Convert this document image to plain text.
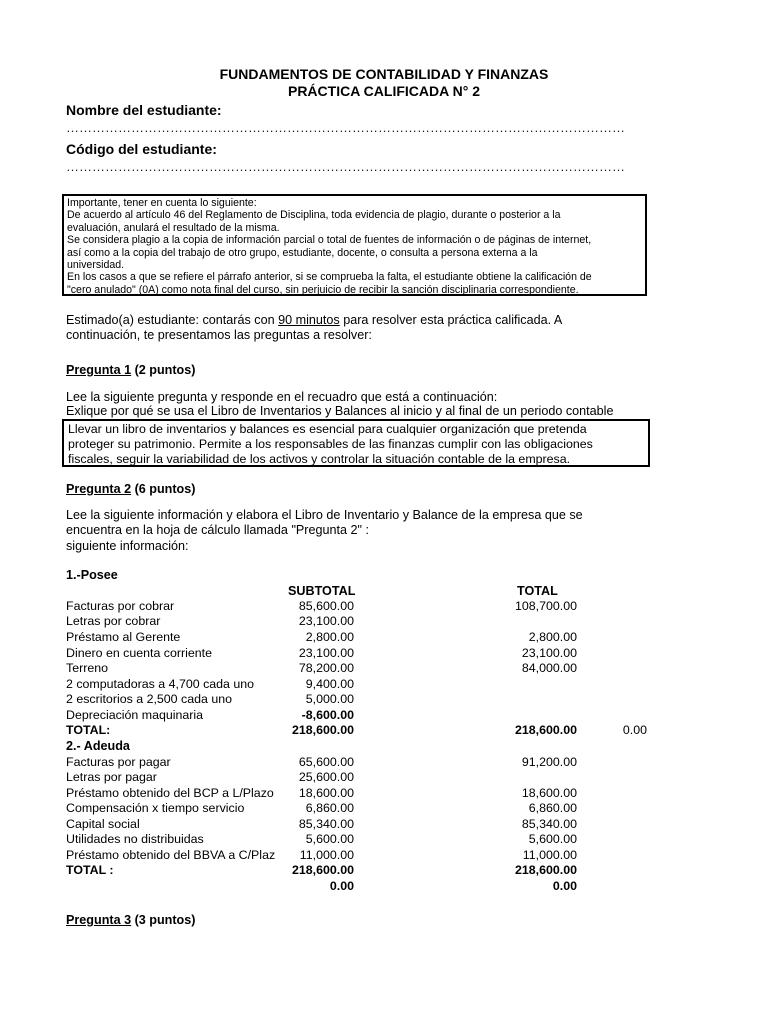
FUNDAMENTOS DE CONTABILIDAD Y FINANZAS
PRÁCTICA CALIFICADA N° 2
Nombre del estudiante:
…………………………………………………………………………………………………………………
Código del estudiante:
…………………………………………………………………………………………………………………
Importante, tener en cuenta lo siguiente:
De acuerdo al artículo 46 del Reglamento de Disciplina, toda evidencia de plagio, durante o posterior a la
evaluación, anulará el resultado de la misma.
Se considera plagio a la copia de información parcial o total de fuentes de información o de páginas de internet,
así como a la copia del trabajo de otro grupo, estudiante, docente, o consulta a persona externa a la
universidad.
En los casos a que se refiere el párrafo anterior, si se comprueba la falta, el estudiante obtiene la calificación de
"cero anulado" (0A) como nota final del curso, sin perjuicio de recibir la sanción disciplinaria correspondiente.
Estimado(a) estudiante: contarás con 90 minutos para resolver esta práctica calificada. A
continuación, te presentamos las preguntas a resolver:
Pregunta 1 (2 puntos)
Lee la siguiente pregunta y responde en el recuadro que está a continuación:
Exlique por qué se usa el Libro de Inventarios y Balances al inicio y al final de un periodo contable
Llevar un libro de inventarios y balances es esencial para cualquier organización que pretenda
proteger su patrimonio. Permite a los responsables de las finanzas cumplir con las obligaciones
fiscales, seguir la variabilidad de los activos y controlar la situación contable de la empresa.
Pregunta 2 (6 puntos)
Lee la siguiente información y elabora el Libro de Inventario y Balance de la empresa que se
encuentra en la hoja de cálculo llamada "Pregunta 2" :
siguiente información:
1.-Posee
SUBTOTAL	TOTAL
Facturas por cobrar	85,600.00	108,700.00
Letras por cobrar	23,100.00
Préstamo al Gerente	2,800.00	2,800.00
Dinero en cuenta corriente	23,100.00	23,100.00
Terreno	78,200.00	84,000.00
2 computadoras a 4,700 cada uno	9,400.00
2 escritorios a 2,500 cada uno	5,000.00
Depreciación maquinaria	-8,600.00
TOTAL:	218,600.00	218,600.00	0.00
2.- Adeuda
Facturas por pagar	65,600.00	91,200.00
Letras por pagar	25,600.00
Préstamo obtenido del BCP a L/Plazo 18,600.00	18,600.00
Compensación x tiempo servicio	6,860.00	6,860.00
Capital social	85,340.00	85,340.00
Utilidades no distribuidas	5,600.00	5,600.00
Préstamo obtenido del BBVA a C/Plaz 11,000.00	11,000.00
TOTAL :	218,600.00	218,600.00
0.00	0.00
Pregunta 3 (3 puntos)
